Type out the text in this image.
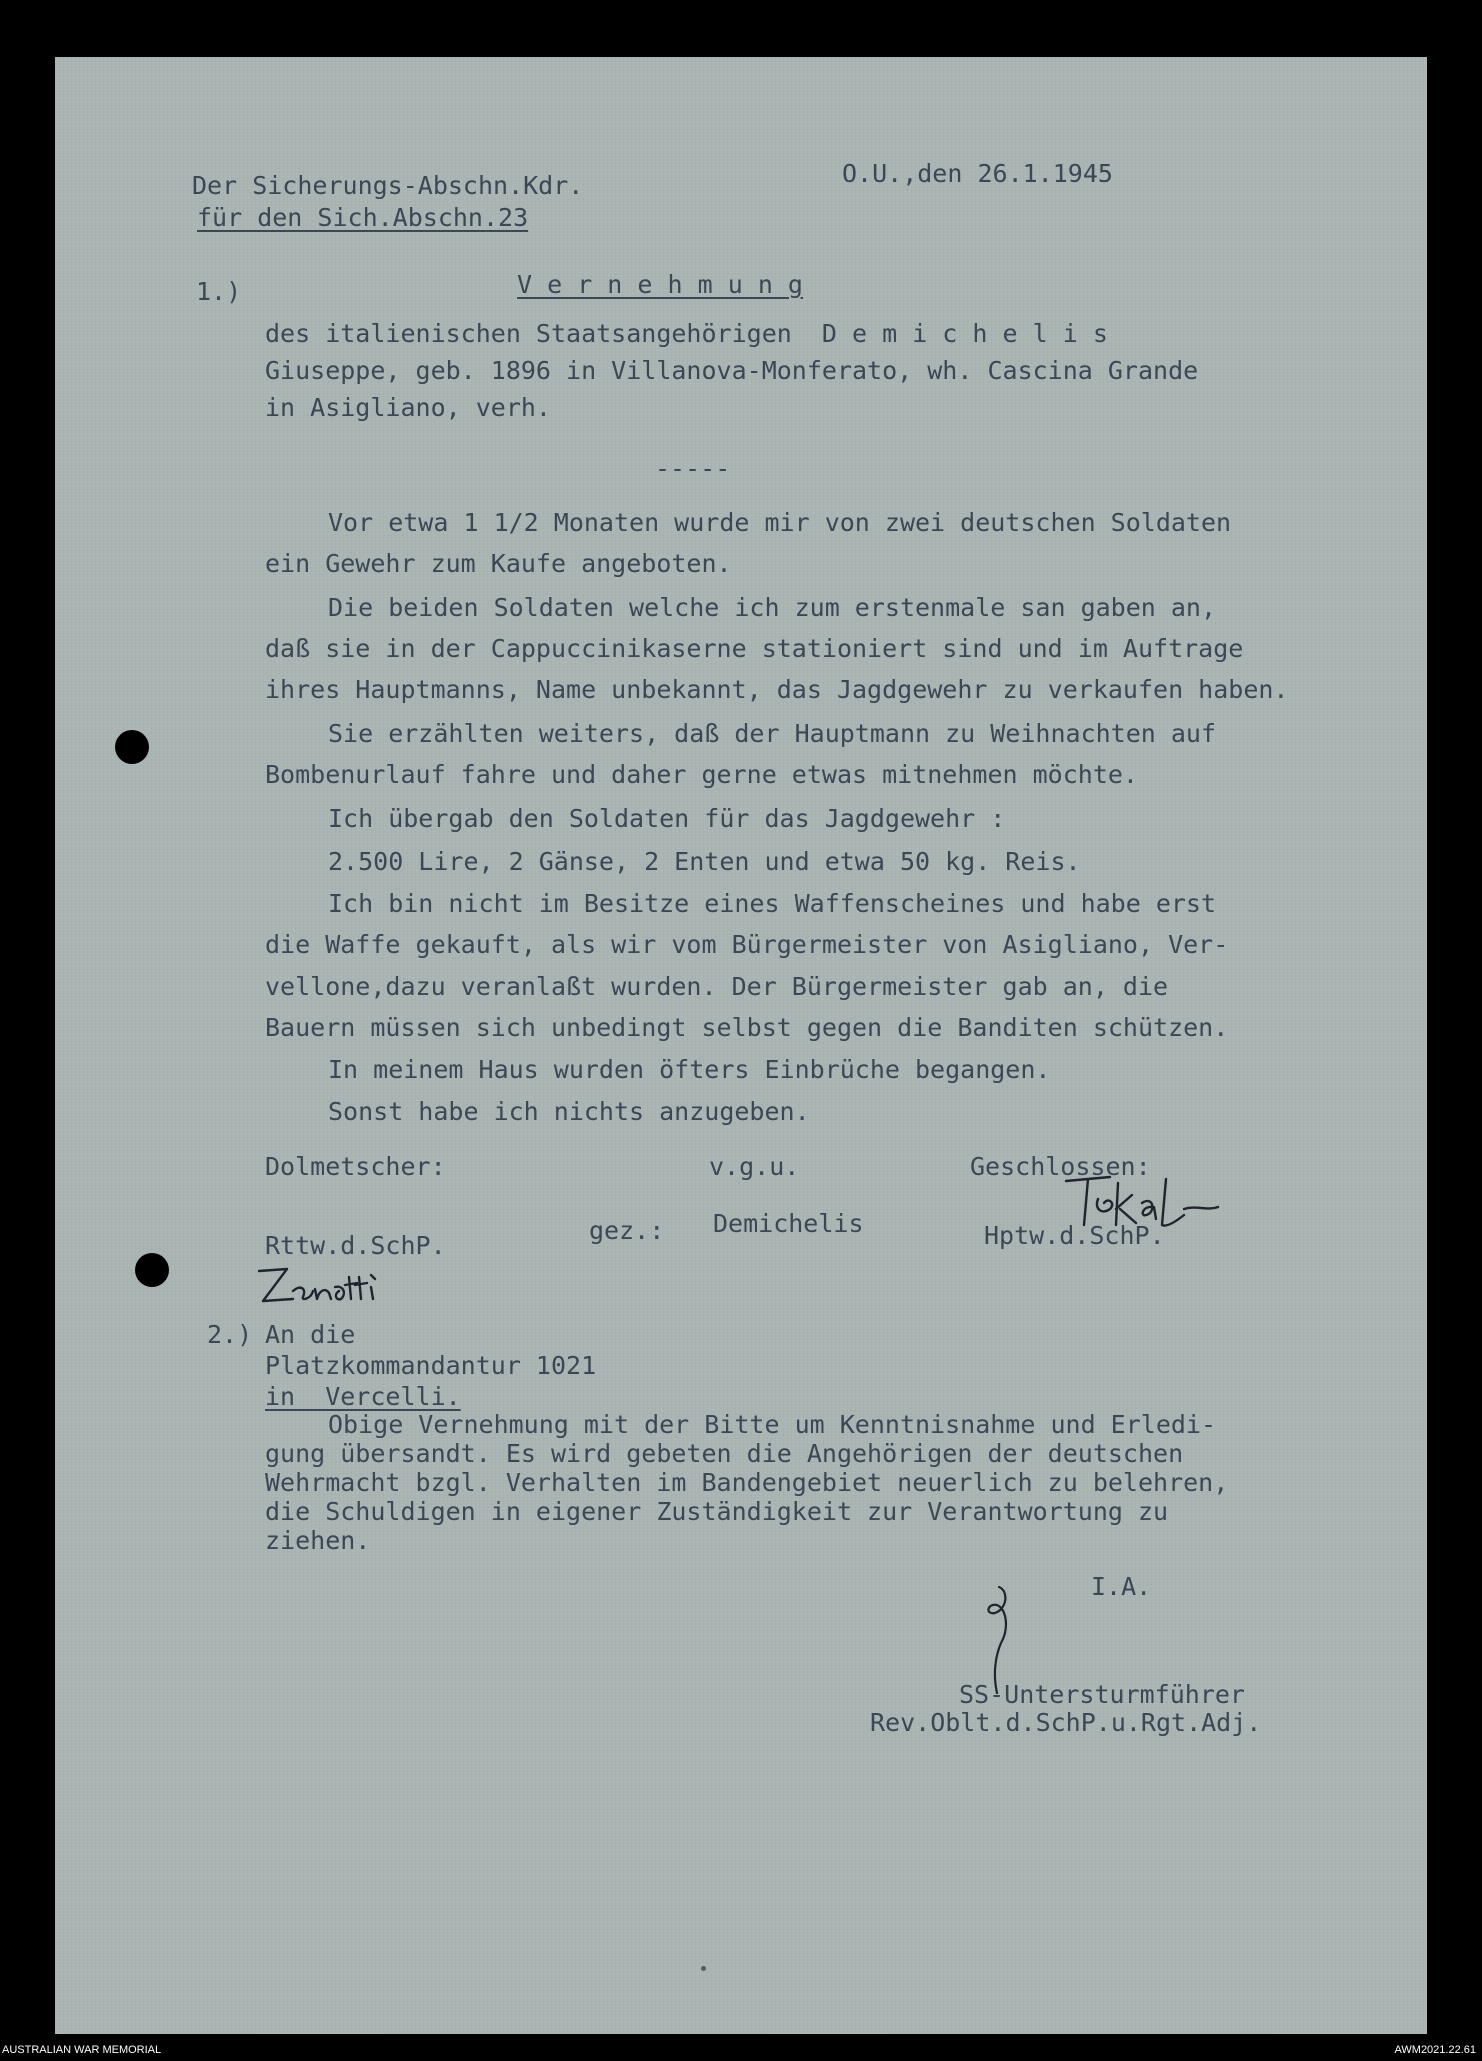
Der Sicherungs-Abschn.Kdr.
für den Sich.Abschn.23
O.U.,den 26.1.1945
1.)	V e r n e h m u n g
des italienischen Staatsangehörigen  D e m i c h e l i s
Giuseppe, geb. 1896 in Villanova-Monferato, wh. Cascina Grande
in Asigliano, verh.
-----
Vor etwa 1 1/2 Monaten wurde mir von zwei deutschen Soldaten
ein Gewehr zum Kaufe angeboten.
Die beiden Soldaten welche ich zum erstenmale san gaben an,
daß sie in der Cappuccinikaserne stationiert sind und im Auftrage
ihres Hauptmanns, Name unbekannt, das Jagdgewehr zu verkaufen haben.
Sie erzählten weiters, daß der Hauptmann zu Weihnachten auf
Bombenurlauf fahre und daher gerne etwas mitnehmen möchte.
Ich übergab den Soldaten für das Jagdgewehr :
2.500 Lire, 2 Gänse, 2 Enten und etwa 50 kg. Reis.
Ich bin nicht im Besitze eines Waffenscheines und habe erst
die Waffe gekauft, als wir vom Bürgermeister von Asigliano, Ver-
vellone,dazu veranlaßt wurden. Der Bürgermeister gab an, die
Bauern müssen sich unbedingt selbst gegen die Banditen schützen.
In meinem Haus wurden öfters Einbrüche begangen.
Sonst habe ich nichts anzugeben.
Dolmetscher:	v.g.u.	Geschlossen:
gez.: Demichelis
Rttw.d.SchP.	Hptw.d.SchP.
2.) An die
Platzkommandantur 1021
in  Vercelli.
Obige Vernehmung mit der Bitte um Kenntnisnahme und Erledi-
gung übersandt. Es wird gebeten die Angehörigen der deutschen
Wehrmacht bzgl. Verhalten im Bandengebiet neuerlich zu belehren,
die Schuldigen in eigener Zuständigkeit zur Verantwortung zu
ziehen.
I.A.
SS-Untersturmführer
Rev.Oblt.d.SchP.u.Rgt.Adj.
AUSTRALIAN WAR MEMORIAL	AWM2021.22.61
